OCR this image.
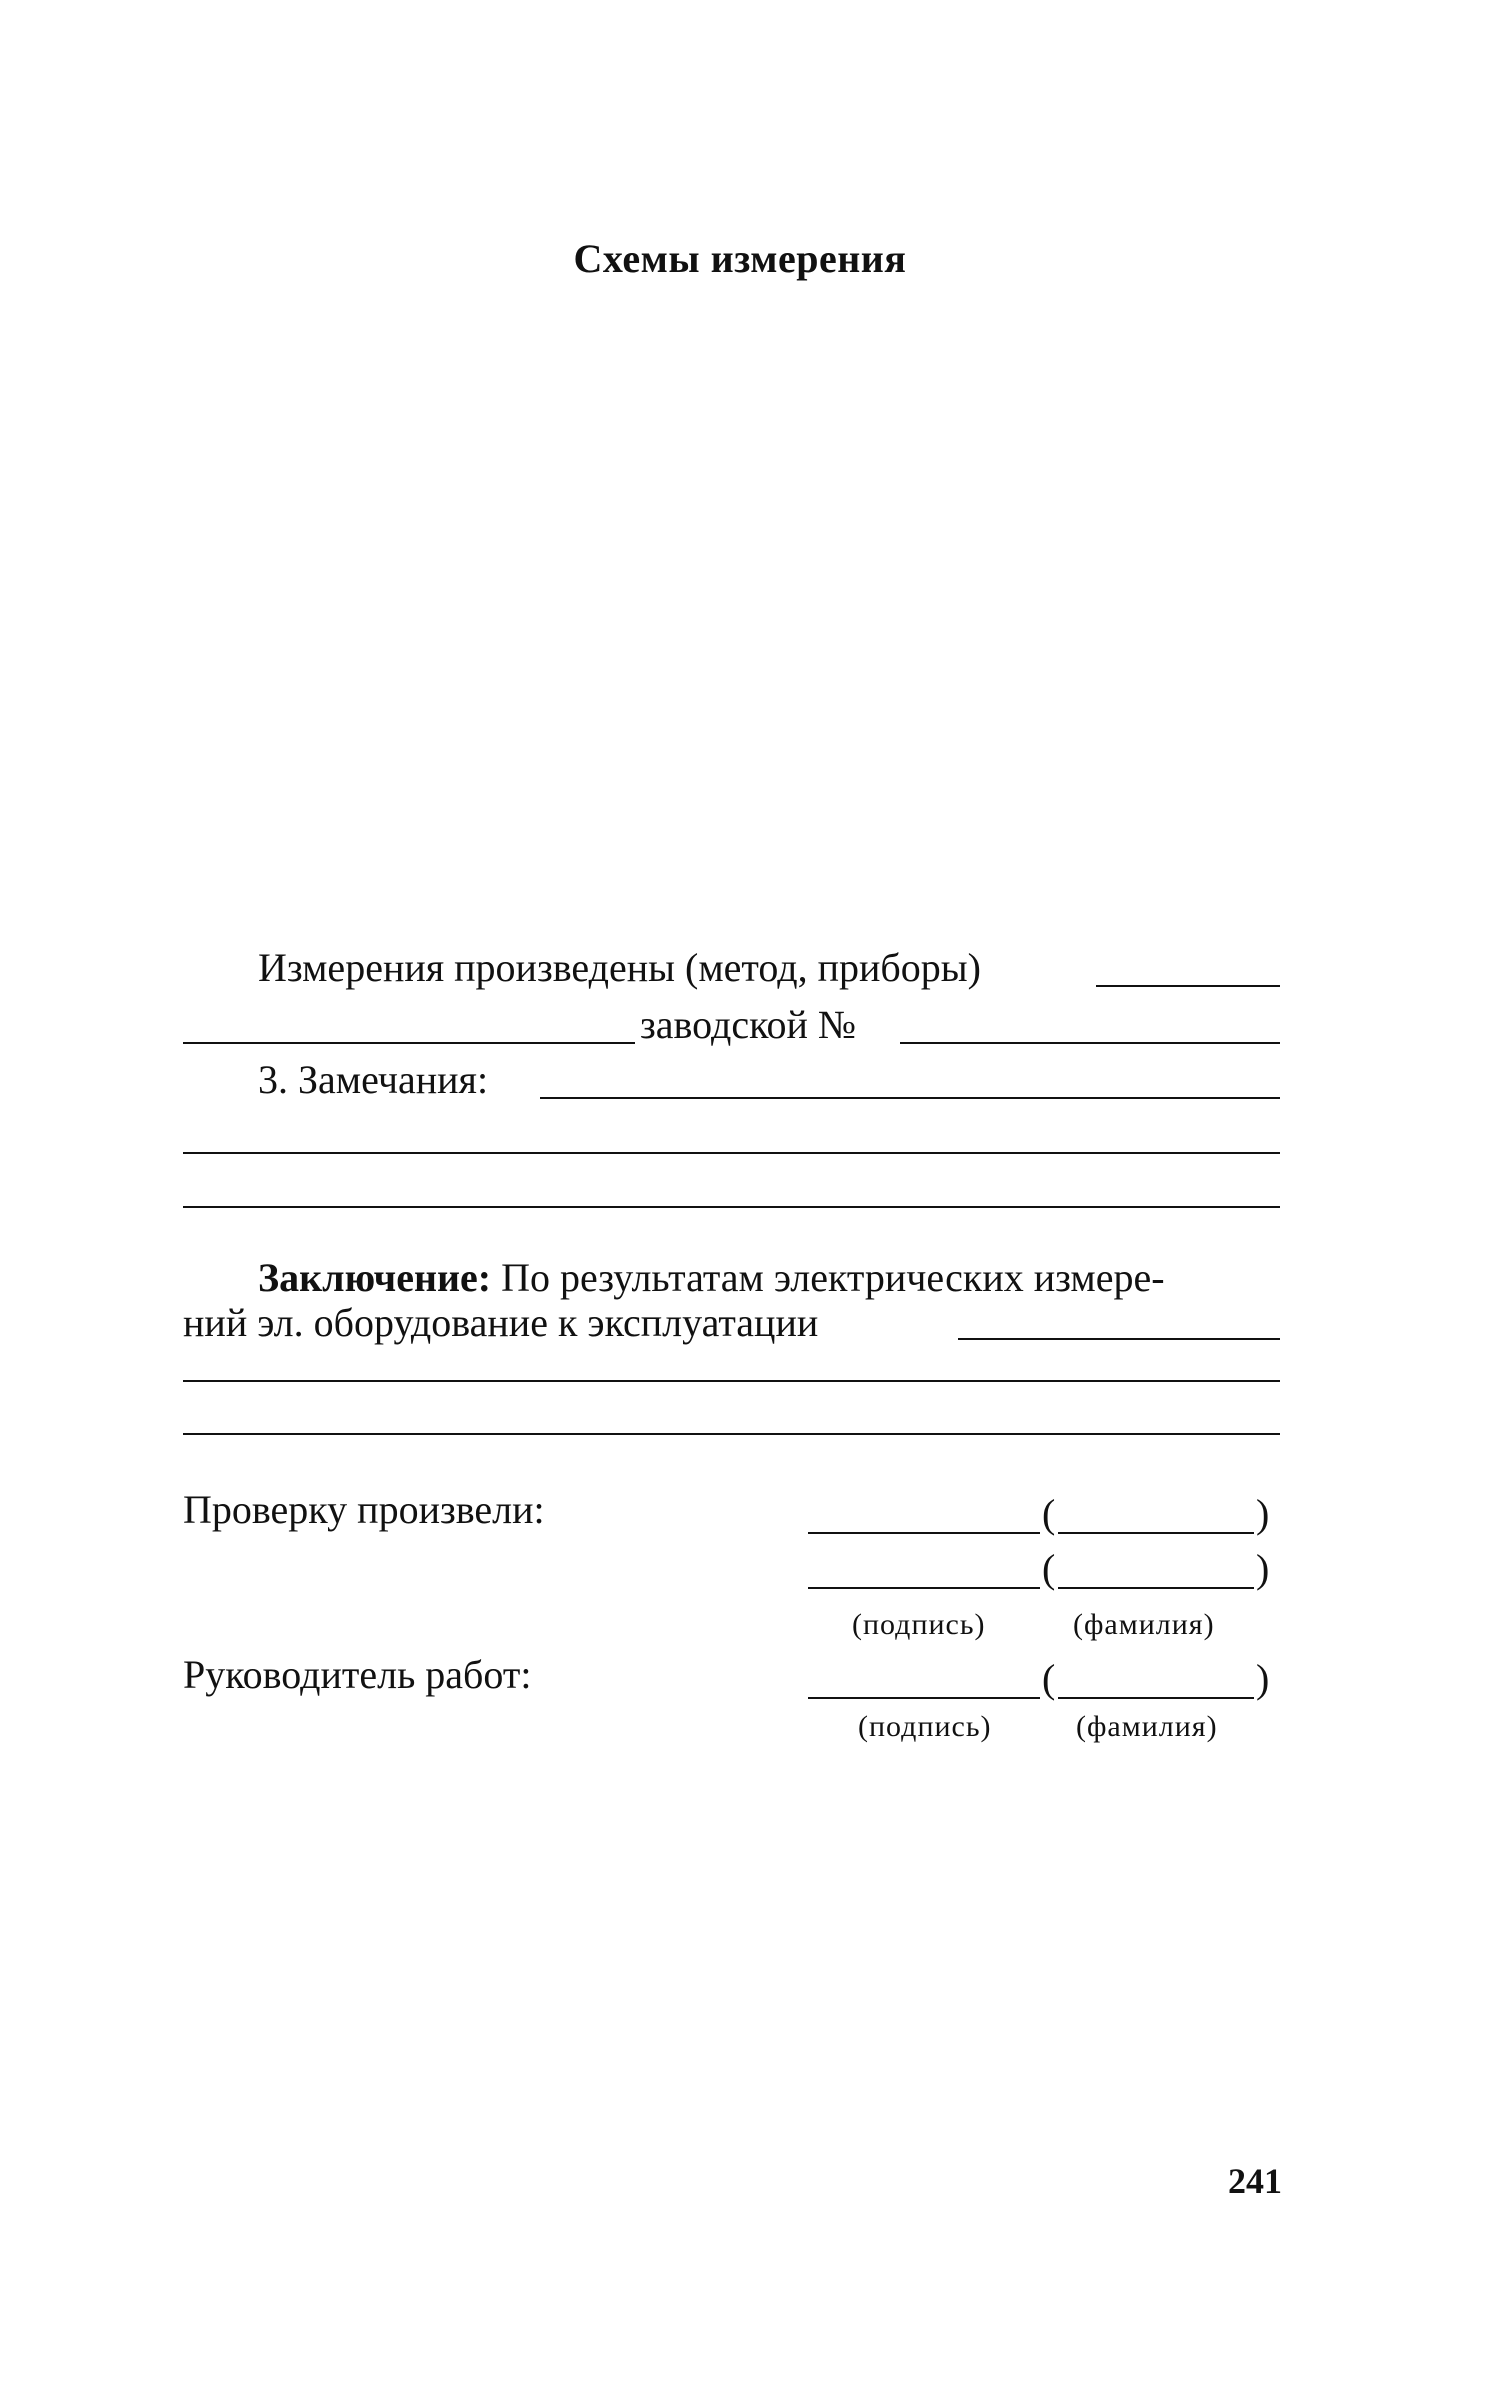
Схемы измерения
Измерения произведены (метод, приборы)
заводской №
3. Замечания:
Заключение: По результатам электрических измере-
ний эл. оборудование к эксплуатации
Проверку произвели:	(	)
(	)
(подпись)	(фамилия)
Руководитель работ:	(	)
(подпись)	(фамилия)
241
